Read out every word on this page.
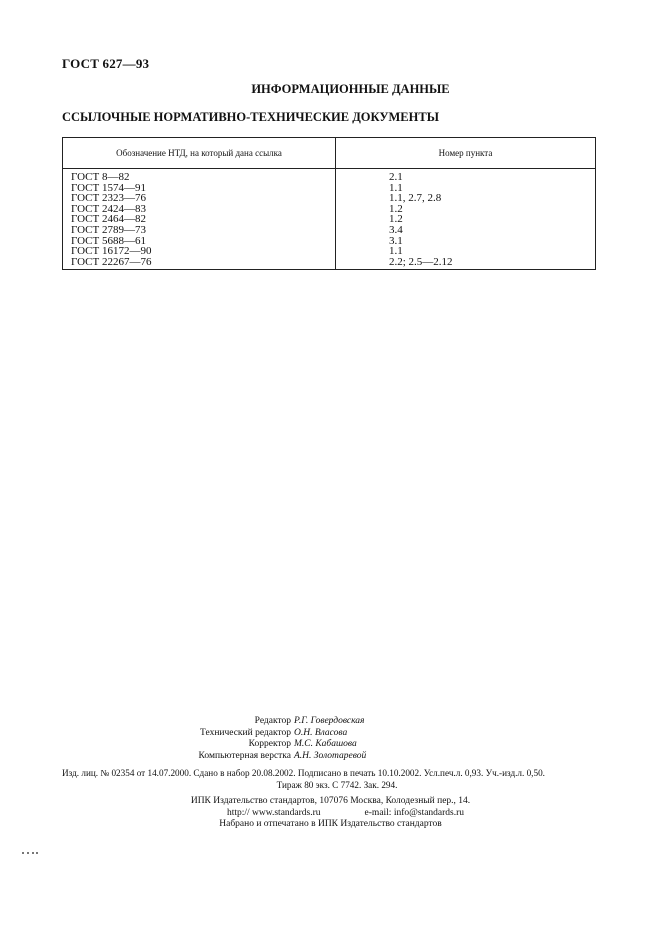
ГОСТ 627—93
ИНФОРМАЦИОННЫЕ ДАННЫЕ
ССЫЛОЧНЫЕ НОРМАТИВНО-ТЕХНИЧЕСКИЕ ДОКУМЕНТЫ
Обозначение НТД, на который дана ссылка	Номер пункта
ГОСТ 8—82	2.1
ГОСТ 1574—91	1.1
ГОСТ 2323—76	1.1, 2.7, 2.8
ГОСТ 2424—83	1.2
ГОСТ 2464—82	1.2
ГОСТ 2789—73	3.4
ГОСТ 5688—61	3.1
ГОСТ 16172—90	1.1
ГОСТ 22267—76	2.2; 2.5—2.12
Редактор Р.Г. Говердовская
Технический редактор О.Н. Власова
Корректор М.С. Кабашова
Компьютерная верстка А.Н. Золотаревой
Изд. лиц. № 02354 от 14.07.2000. Сдано в набор 20.08.2002. Подписано в печать 10.10.2002. Усл.печ.л. 0,93. Уч.-изд.л. 0,50.
Тираж 80 экз. С 7742. Зак. 294.
ИПК Издательство стандартов, 107076 Москва, Колодезный пер., 14.
http:// www.standards.ru	e-mail: info@standards.ru
Набрано и отпечатано в ИПК Издательство стандартов
